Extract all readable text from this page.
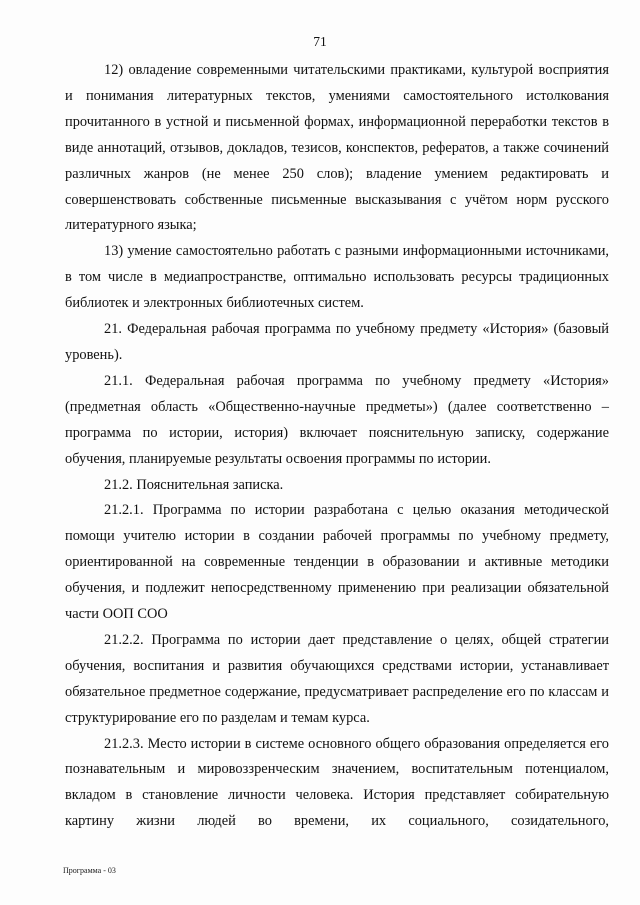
71

12) овладение современными читательскими практиками, культурой восприятия и понимания литературных текстов, умениями самостоятельного истолкования прочитанного в устной и письменной формах, информационной переработки текстов в виде аннотаций, отзывов, докладов, тезисов, конспектов, рефератов, а также сочинений различных жанров (не менее 250 слов); владение умением редактировать и совершенствовать собственные письменные высказывания с учётом норм русского литературного языка;

13) умение самостоятельно работать с разными информационными источниками, в том числе в медиапространстве, оптимально использовать ресурсы традиционных библиотек и электронных библиотечных систем.

21. Федеральная рабочая программа по учебному предмету «История» (базовый уровень).

21.1. Федеральная рабочая программа по учебному предмету «История» (предметная область «Общественно-научные предметы») (далее соответственно – программа по истории, история) включает пояснительную записку, содержание обучения, планируемые результаты освоения программы по истории.

21.2. Пояснительная записка.

21.2.1. Программа по истории разработана с целью оказания методической помощи учителю истории в создании рабочей программы по учебному предмету, ориентированной на современные тенденции в образовании и активные методики обучения, и подлежит непосредственному применению при реализации обязательной части ООП СОО

21.2.2. Программа по истории дает представление о целях, общей стратегии обучения, воспитания и развития обучающихся средствами истории, устанавливает обязательное предметное содержание, предусматривает распределение его по классам и структурирование его по разделам и темам курса.

21.2.3. Место истории в системе основного общего образования определяется его познавательным и мировоззренческим значением, воспитательным потенциалом, вкладом в становление личности человека. История представляет собирательную картину жизни людей во времени, их социального, созидательного,

Программа - 03
